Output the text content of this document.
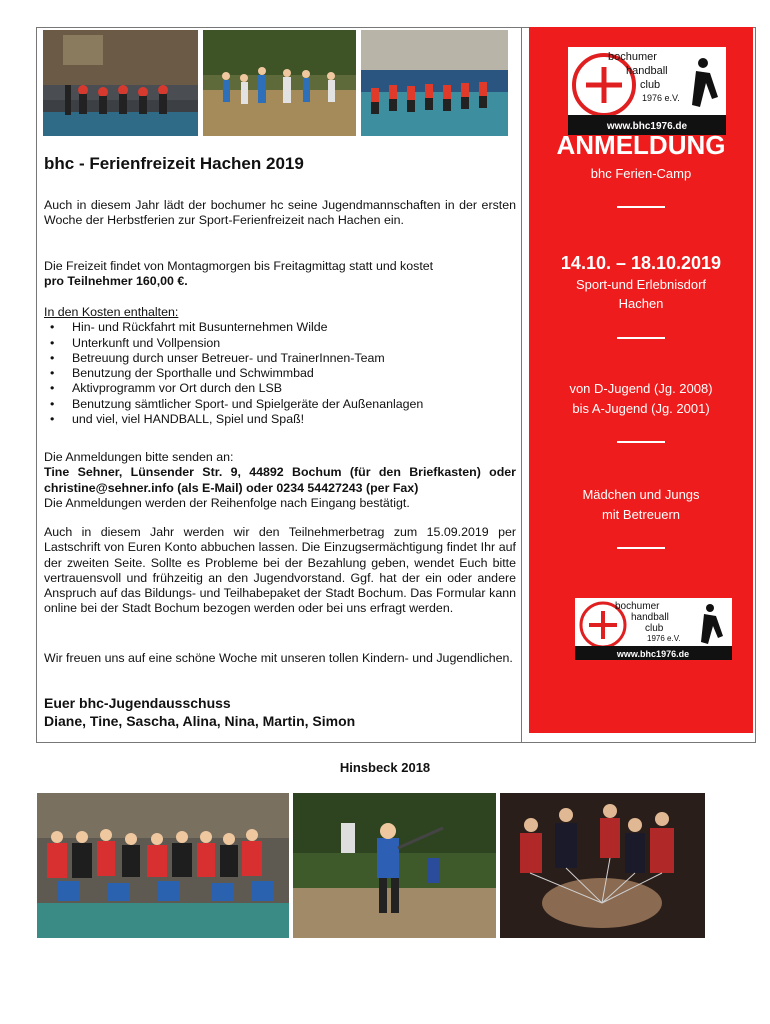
bhc - Ferienfreizeit Hachen 2019
Auch in diesem Jahr lädt der bochumer hc seine Jugendmannschaften in der ersten Woche der Herbstferien zur Sport-Ferienfreizeit nach Hachen ein.
Die Freizeit findet von Montagmorgen bis Freitagmittag statt und kostet
pro Teilnehmer 160,00 €.
In den Kosten enthalten:
• Hin- und Rückfahrt mit Busunternehmen Wilde
• Unterkunft und Vollpension
• Betreuung durch unser Betreuer- und TrainerInnen-Team
• Benutzung der Sporthalle und Schwimmbad
• Aktivprogramm vor Ort durch den LSB
• Benutzung sämtlicher Sport- und Spielgeräte der Außenanlagen
• und viel, viel HANDBALL, Spiel und Spaß!
Die Anmeldungen bitte senden an:
Tine Sehner, Lünsender Str. 9, 44892 Bochum (für den Briefkasten) oder christine@sehner.info (als E-Mail) oder 0234 54427243 (per Fax)
Die Anmeldungen werden der Reihenfolge nach Eingang bestätigt.
Auch in diesem Jahr werden wir den Teilnehmerbetrag zum 15.09.2019 per Lastschrift von Euren Konto abbuchen lassen. Die Einzugsermächtigung findet Ihr auf der zweiten Seite. Sollte es Probleme bei der Bezahlung geben, wendet Euch bitte vertrauensvoll und frühzeitig an den Jugendvorstand. Ggf. hat der ein oder andere Anspruch auf das Bildungs- und Teilhabepaket der Stadt Bochum. Das Formular kann online bei der Stadt Bochum bezogen werden oder bei uns erfragt werden.
Wir freuen uns auf eine schöne Woche mit unseren tollen Kindern- und Jugendlichen.
Euer bhc-Jugendausschuss
Diane, Tine, Sascha, Alina, Nina, Martin, Simon
bochumer
handball
club
1976 e.V.
www.bhc1976.de
ANMELDUNG
bhc Ferien-Camp
14.10. – 18.10.2019
Sport-und Erlebnisdorf
Hachen
von D-Jugend (Jg. 2008)
bis A-Jugend (Jg. 2001)
Mädchen und Jungs
mit Betreuern
bochumer
handball
club
1976 e.V.
www.bhc1976.de
Hinsbeck 2018
